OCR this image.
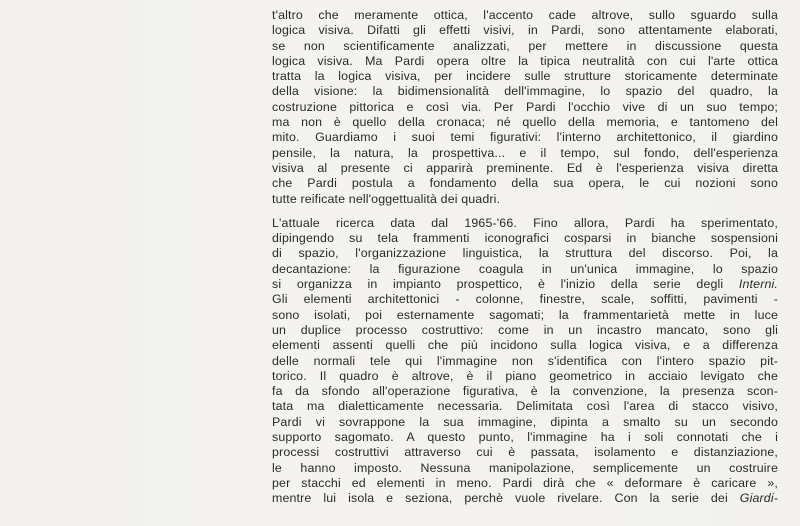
t'altro che meramente ottica, l'accento cade altrove, sullo sguardo sulla
logica visiva. Difatti gli effetti visivi, in Pardi, sono attentamente elaborati,
se non scientificamente analizzati, per mettere in discussione questa
logica visiva. Ma Pardi opera oltre la tipica neutralità con cui l'arte ottica
tratta la logica visiva, per incidere sulle strutture storicamente determinate
della visione: la bidimensionalità dell'immagine, lo spazio del quadro, la
costruzione pittorica e così via. Per Pardi l'occhio vive di un suo tempo;
ma non è quello della cronaca; né quello della memoria, e tantomeno del
mito. Guardiamo i suoi temi figurativi: l'interno architettonico, il giardino
pensile, la natura, la prospettiva... e il tempo, sul fondo, dell'esperienza
visiva al presente ci apparirà preminente. Ed è l'esperienza visiva diretta
che Pardi postula a fondamento della sua opera, le cui nozioni sono
tutte reificate nell'oggettualità dei quadri.
L'attuale ricerca data dal 1965-'66. Fino allora, Pardi ha sperimentato,
dipingendo su tela frammenti iconografici cosparsi in bianche sospensioni
di spazio, l'organizzazione linguistica, la struttura del discorso. Poi, la
decantazione: la figurazione coagula in un'unica immagine, lo spazio
si organizza in impianto prospettico, è l'inizio della serie degli Interni.
Gli elementi architettonici - colonne, finestre, scale, soffitti, pavimenti -
sono isolati, poi esternamente sagomati; la frammentarietà mette in luce
un duplice processo costruttivo: come in un incastro mancato, sono gli
elementi assenti quelli che più incidono sulla logica visiva, e a differenza
delle normali tele qui l'immagine non s'identifica con l'intero spazio pit-
torico. Il quadro è altrove, è il piano geometrico in acciaio levigato che
fa da sfondo all'operazione figurativa, è la convenzione, la presenza scon-
tata ma dialetticamente necessaria. Delimitata così l'area di stacco visivo,
Pardi vi sovrappone la sua immagine, dipinta a smalto su un secondo
supporto sagomato. A questo punto, l'immagine ha i soli connotati che i
processi costruttivi attraverso cui è passata, isolamento e distanziazione,
le hanno imposto. Nessuna manipolazione, semplicemente un costruire
per stacchi ed elementi in meno. Pardi dirà che « deformare è caricare »,
mentre lui isola e seziona, perchè vuole rivelare. Con la serie dei Giardi-
